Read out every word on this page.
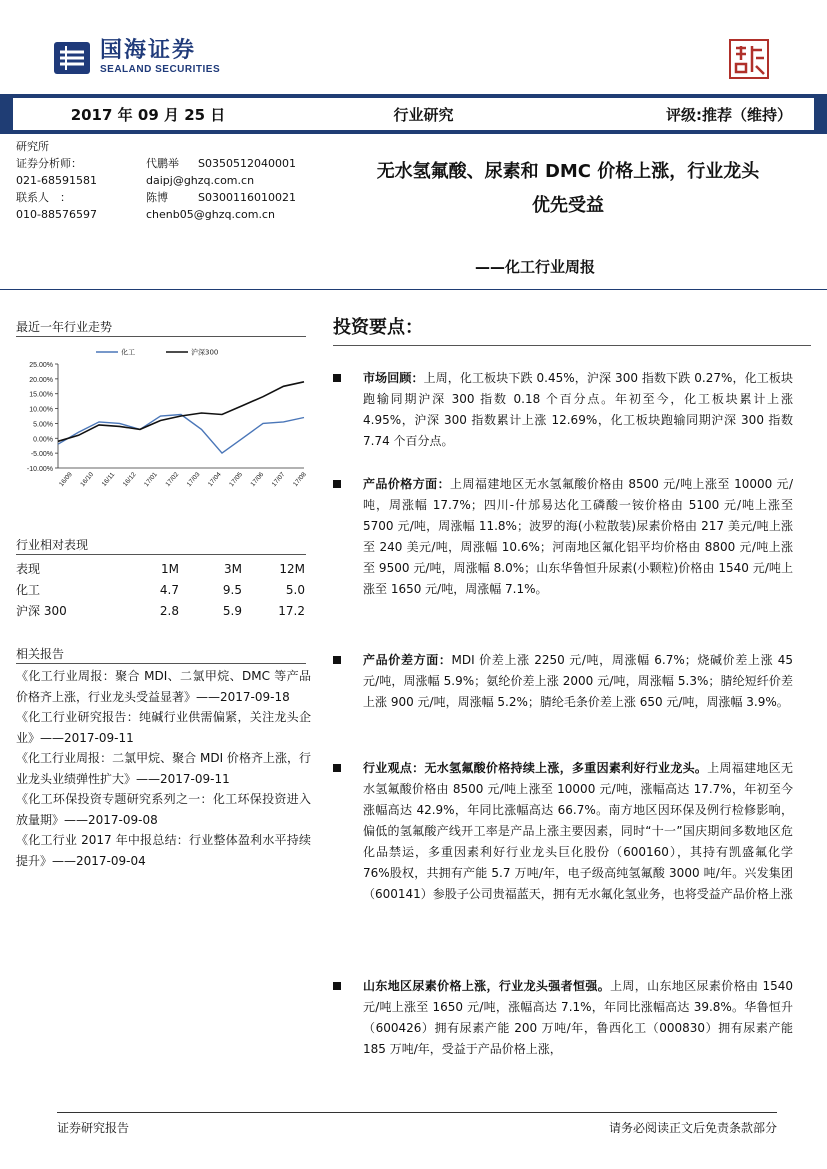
国海证券
SEALAND SECURITIES
2017 年 09 月 25 日	行业研究	评级:推荐（维持）
研究所
证券分析师：	代鹏举	S0350512040001
021-68591581	daipj@ghzq.com.cn
联系人　：	陈博	S0300116010021
010-88576597	chenb05@ghzq.com.cn
无水氢氟酸、尿素和 DMC 价格上涨，行业龙头
优先受益
——化工行业周报
最近一年行业走势
25.00%
20.00%
15.00%
10.00%
5.00%
0.00%
-5.00%
-10.00%
16/09 16/10 16/11 16/12 17/01 17/02 17/03 17/04 17/05 17/06 17/07 17/08
化工	沪深300
行业相对表现
表现	1M	3M	12M
化工	4.7	9.5	5.0
沪深 300	2.8	5.9	17.2
相关报告
《化工行业周报：聚合 MDI、二氯甲烷、DMC 等产品价格齐上涨，行业龙头受益显著》——2017-09-18
《化工行业研究报告：纯碱行业供需偏紧，关注龙头企业》——2017-09-11
《化工行业周报：二氯甲烷、聚合 MDI 价格齐上涨，行业龙头业绩弹性扩大》——2017-09-11
《化工环保投资专题研究系列之一：化工环保投资进入放量期》——2017-09-08
《化工行业 2017 年中报总结：行业整体盈利水平持续提升》——2017-09-04
投资要点：
市场回顾：上周，化工板块下跌 0.45%，沪深 300 指数下跌 0.27%，化工板块跑输同期沪深 300 指数 0.18 个百分点。年初至今，化工板块累计上涨 4.95%，沪深 300 指数累计上涨 12.69%，化工板块跑输同期沪深 300 指数 7.74 个百分点。
产品价格方面：上周福建地区无水氢氟酸价格由 8500 元/吨上涨至 10000 元/吨，周涨幅 17.7%；四川-什邡易达化工磷酸一铵价格由 5100 元/吨上涨至 5700 元/吨，周涨幅 11.8%；波罗的海(小粒散装)尿素价格由 217 美元/吨上涨至 240 美元/吨，周涨幅 10.6%；河南地区氟化铝平均价格由 8800 元/吨上涨至 9500 元/吨，周涨幅 8.0%；山东华鲁恒升尿素(小颗粒)价格由 1540 元/吨上涨至 1650 元/吨，周涨幅 7.1%。
产品价差方面：MDI 价差上涨 2250 元/吨，周涨幅 6.7%；烧碱价差上涨 45 元/吨，周涨幅 5.9%；氨纶价差上涨 2000 元/吨，周涨幅 5.3%；腈纶短纤价差上涨 900 元/吨，周涨幅 5.2%；腈纶毛条价差上涨 650 元/吨，周涨幅 3.9%。
行业观点：无水氢氟酸价格持续上涨，多重因素利好行业龙头。上周福建地区无水氢氟酸价格由 8500 元/吨上涨至 10000 元/吨，涨幅高达 17.7%，年初至今涨幅高达 42.9%，年同比涨幅高达 66.7%。南方地区因环保及例行检修影响，偏低的氢氟酸产线开工率是产品上涨主要因素，同时“十一”国庆期间多数地区危化品禁运，多重因素利好行业龙头巨化股份（600160），其持有凯盛氟化学 76%股权，共拥有产能 5.7 万吨/年，电子级高纯氢氟酸 3000 吨/年。兴发集团（600141）参股子公司贵福蓝天，拥有无水氟化氢业务，也将受益产品价格上涨
山东地区尿素价格上涨，行业龙头强者恒强。上周，山东地区尿素价格由 1540 元/吨上涨至 1650 元/吨，涨幅高达 7.1%，年同比涨幅高达 39.8%。华鲁恒升（600426）拥有尿素产能 200 万吨/年，鲁西化工（000830）拥有尿素产能 185 万吨/年，受益于产品价格上涨，
证券研究报告	请务必阅读正文后免责条款部分
